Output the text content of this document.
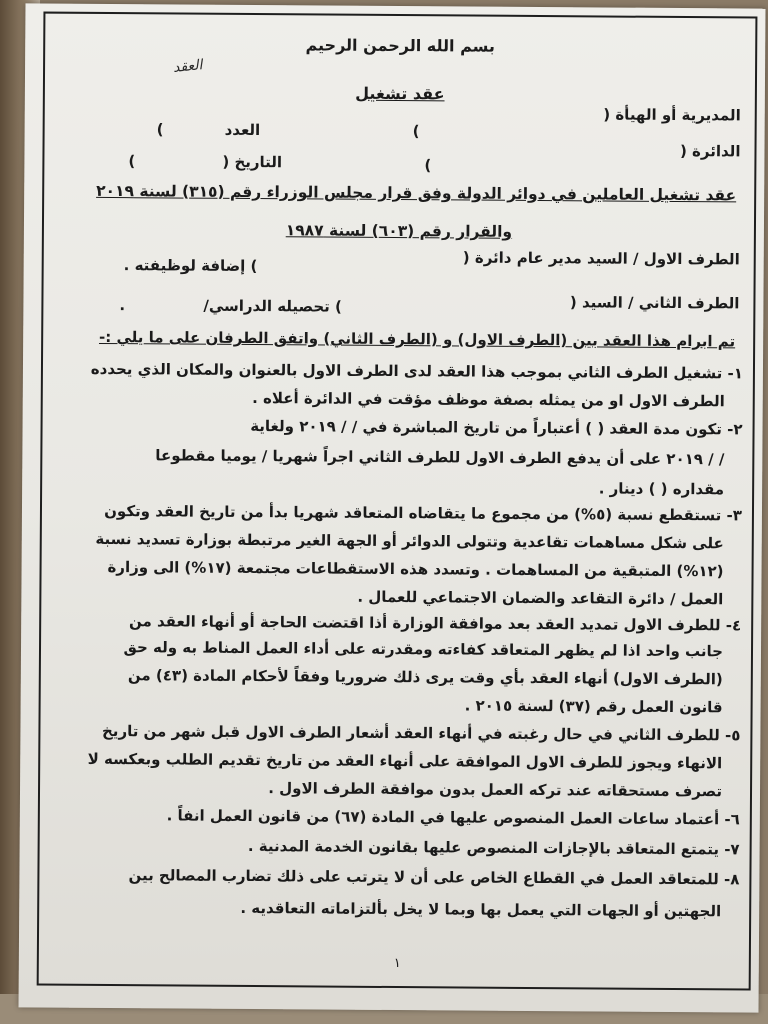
بسم الله الرحمن الرحيم
العقد
عقد تشغيل
المديرية أو الهيأة (
)
العدد
)
الدائرة (
)
التاريخ (
)
عقد تشغيل العاملين في دوائر الدولة وفق قرار مجلس الوزراء رقم (٣١٥) لسنة ٢٠١٩
والقرار رقم (٦٠٣) لسنة ١٩٨٧
الطرف الاول / السيد مدير عام دائرة (
) إضافة لوظيفته .
الطرف الثاني / السيد (
) تحصيله الدراسي/
.
تم ابرام هذا العقد بين (الطرف الاول) و (الطرف الثاني) واتفق الطرفان على ما يلي :-
١- تشغيل الطرف الثاني بموجب هذا العقد لدى الطرف الاول بالعنوان والمكان الذي يحدده
الطرف الاول او من يمثله بصفة موظف مؤقت في الدائرة أعلاه .
٢- تكون مدة العقد ( ) أعتباراً من تاريخ المباشرة في / / ٢٠١٩ ولغاية
/ / ٢٠١٩ على أن يدفع الطرف الاول للطرف الثاني اجراً شهريا / يوميا مقطوعا
مقداره ( ) دينار .
٣- تستقطع نسبة (٥%) من مجموع ما يتقاضاه المتعاقد شهريا بدأ من تاريخ العقد وتكون
على شكل مساهمات تقاعدية وتتولى الدوائر أو الجهة الغير مرتبطة بوزارة تسديد نسبة
(١٢%) المتبقية من المساهمات . وتسدد هذه الاستقطاعات مجتمعة (١٧%) الى وزارة
العمل / دائرة التقاعد والضمان الاجتماعي للعمال .
٤- للطرف الاول تمديد العقد بعد موافقة الوزارة أذا اقتضت الحاجة أو أنهاء العقد من
جانب واحد اذا لم يظهر المتعاقد كفاءته ومقدرته على أداء العمل المناط به وله حق
(الطرف الاول) أنهاء العقد بأي وقت يرى ذلك ضروريا وفقاً لأحكام المادة (٤٣) من
قانون العمل رقم (٣٧) لسنة ٢٠١٥ .
٥- للطرف الثاني في حال رغبته في أنهاء العقد أشعار الطرف الاول قبل شهر من تاريخ
الانهاء ويجوز للطرف الاول الموافقة على أنهاء العقد من تاريخ تقديم الطلب وبعكسه لا
تصرف مستحقاته عند تركه العمل بدون موافقة الطرف الاول .
٦- أعتماد ساعات العمل المنصوص عليها في المادة (٦٧) من قانون العمل انفاً .
٧- يتمتع المتعاقد بالإجازات المنصوص عليها بقانون الخدمة المدنية .
٨- للمتعاقد العمل في القطاع الخاص على أن لا يترتب على ذلك تضارب المصالح بين
الجهتين أو الجهات التي يعمل بها وبما لا يخل بألتزاماته التعاقديه .
١
